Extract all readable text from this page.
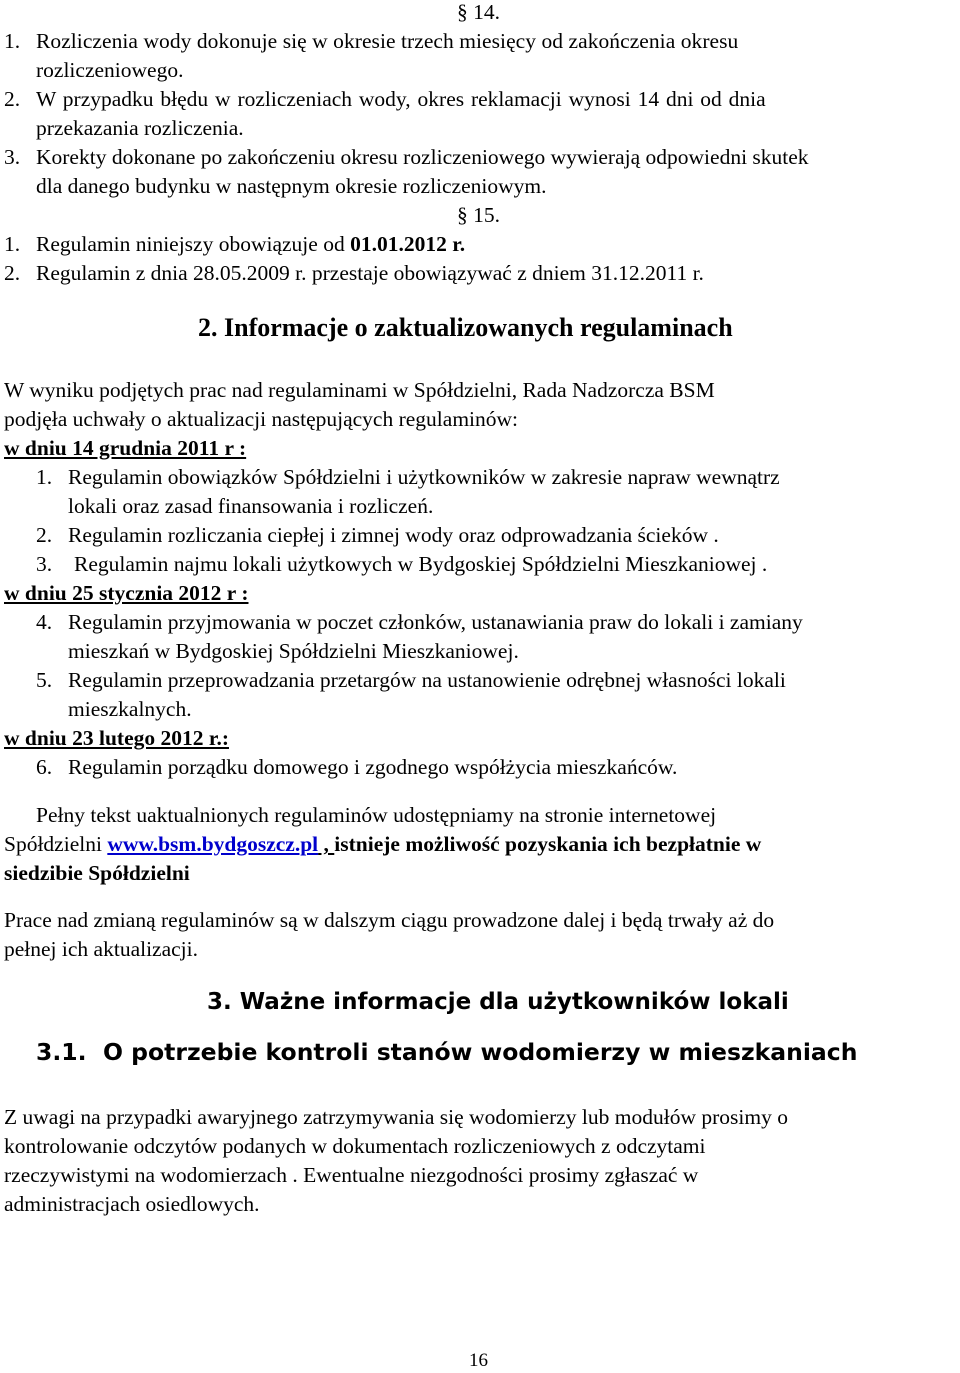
§ 14.
1. Rozliczenia wody dokonuje się w okresie trzech miesięcy od zakończenia okresu
rozliczeniowego.
2. W przypadku błędu w rozliczeniach wody, okres reklamacji wynosi 14 dni od dnia
przekazania rozliczenia.
3. Korekty dokonane po zakończeniu okresu rozliczeniowego wywierają odpowiedni skutek
dla danego budynku w następnym okresie rozliczeniowym.
§ 15.
1. Regulamin niniejszy obowiązuje od 01.01.2012 r.
2. Regulamin z dnia 28.05.2009 r. przestaje obowiązywać z dniem 31.12.2011 r.
2. Informacje o zaktualizowanych regulaminach
W wyniku podjętych prac nad regulaminami w Spółdzielni, Rada Nadzorcza BSM
podjęła uchwały o aktualizacji następujących regulaminów:
w dniu 14 grudnia 2011 r :
1. Regulamin obowiązków Spółdzielni i użytkowników w zakresie napraw wewnątrz
lokali oraz zasad finansowania i rozliczeń.
2. Regulamin rozliczania ciepłej i zimnej wody oraz odprowadzania ścieków .
3. Regulamin najmu lokali użytkowych w Bydgoskiej Spółdzielni Mieszkaniowej .
w dniu 25 stycznia 2012 r :
4. Regulamin przyjmowania w poczet członków, ustanawiania praw do lokali i zamiany
mieszkań w Bydgoskiej Spółdzielni Mieszkaniowej.
5. Regulamin przeprowadzania przetargów na ustanowienie odrębnej własności lokali
mieszkalnych.
w dniu 23 lutego 2012 r.:
6. Regulamin porządku domowego i zgodnego współżycia mieszkańców.
Pełny tekst uaktualnionych regulaminów udostępniamy na stronie internetowej
Spółdzielni www.bsm.bydgoszcz.pl , istnieje możliwość pozyskania ich bezpłatnie w
siedzibie Spółdzielni
Prace nad zmianą regulaminów są w dalszym ciągu prowadzone dalej i będą trwały aż do
pełnej ich aktualizacji.
3. Ważne informacje dla użytkowników lokali
3.1. O potrzebie kontroli stanów wodomierzy w mieszkaniach
Z uwagi na przypadki awaryjnego zatrzymywania się wodomierzy lub modułów prosimy o
kontrolowanie odczytów podanych w dokumentach rozliczeniowych z odczytami
rzeczywistymi na wodomierzach . Ewentualne niezgodności prosimy zgłaszać w
administracjach osiedlowych.
16
